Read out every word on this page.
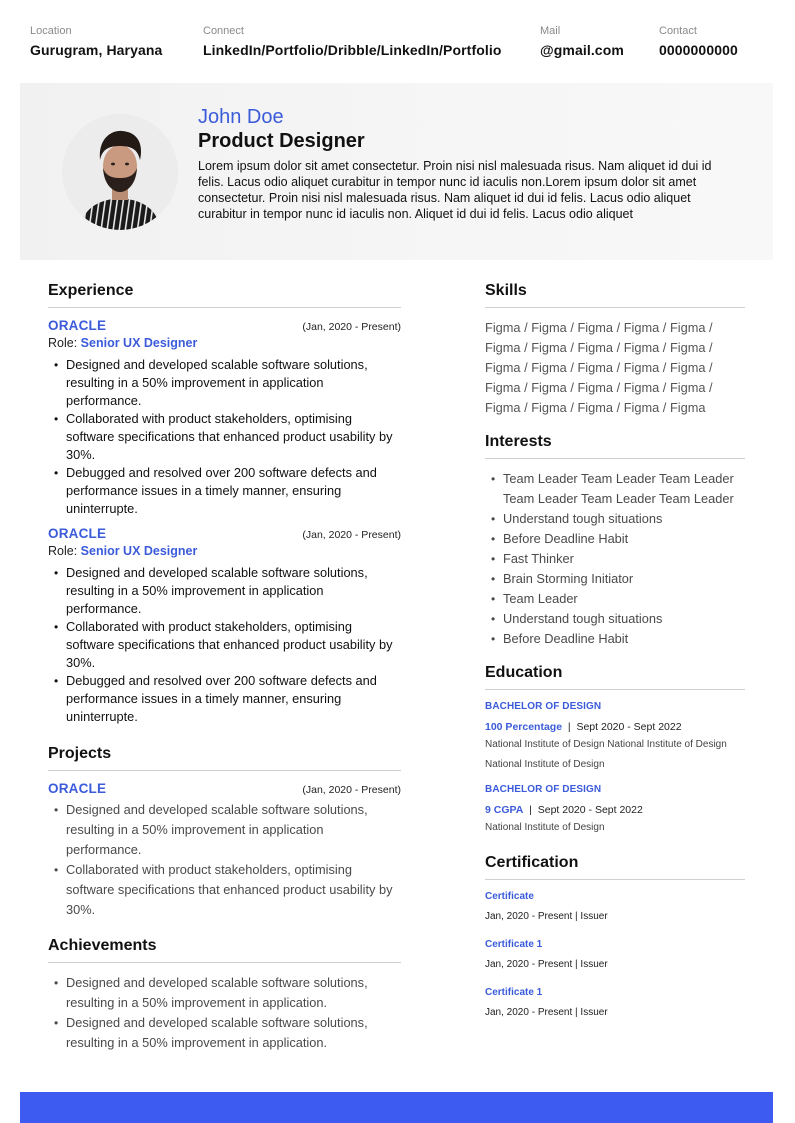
Location
Gurugram, Haryana
Connect
LinkedIn/Portfolio/Dribble/LinkedIn/Portfolio
Mail
@gmail.com
Contact
0000000000
John Doe
Product Designer
Lorem ipsum dolor sit amet consectetur. Proin nisi nisl malesuada risus. Nam aliquet id dui id felis. Lacus odio aliquet curabitur in tempor nunc id iaculis non.Lorem ipsum dolor sit amet consectetur. Proin nisi nisl malesuada risus. Nam aliquet id dui id felis. Lacus odio aliquet curabitur in tempor nunc id iaculis non. Aliquet id dui id felis. Lacus odio aliquet
Experience
ORACLE	(Jan, 2020 - Present)
Role: Senior UX Designer
• Designed and developed scalable software solutions, resulting in a 50% improvement in application performance.
• Collaborated with product stakeholders, optimising software specifications that enhanced product usability by 30%.
• Debugged and resolved over 200 software defects and performance issues in a timely manner, ensuring uninterrupte.
ORACLE	(Jan, 2020 - Present)
Role: Senior UX Designer
• Designed and developed scalable software solutions, resulting in a 50% improvement in application performance.
• Collaborated with product stakeholders, optimising software specifications that enhanced product usability by 30%.
• Debugged and resolved over 200 software defects and performance issues in a timely manner, ensuring uninterrupte.
Projects
ORACLE	(Jan, 2020 - Present)
• Designed and developed scalable software solutions, resulting in a 50% improvement in application performance.
• Collaborated with product stakeholders, optimising software specifications that enhanced product usability by 30%.
Achievements
• Designed and developed scalable software solutions, resulting in a 50% improvement in application.
• Designed and developed scalable software solutions, resulting in a 50% improvement in application.
Skills
Figma / Figma / Figma / Figma / Figma / Figma / Figma / Figma / Figma / Figma / Figma / Figma / Figma / Figma / Figma / Figma / Figma / Figma / Figma / Figma / Figma / Figma / Figma / Figma / Figma
Interests
• Team Leader Team Leader Team Leader Team Leader Team Leader Team Leader
• Understand tough situations
• Before Deadline Habit
• Fast Thinker
• Brain Storming Initiator
• Team Leader
• Understand tough situations
• Before Deadline Habit
Education
BACHELOR OF DESIGN
100 Percentage  |  Sept 2020 - Sept 2022
National Institute of Design National Institute of Design National Institute of Design
BACHELOR OF DESIGN
9 CGPA  |  Sept 2020 - Sept 2022
National Institute of Design
Certification
Certificate
Jan, 2020 - Present | Issuer
Certificate 1
Jan, 2020 - Present | Issuer
Certificate 1
Jan, 2020 - Present | Issuer
